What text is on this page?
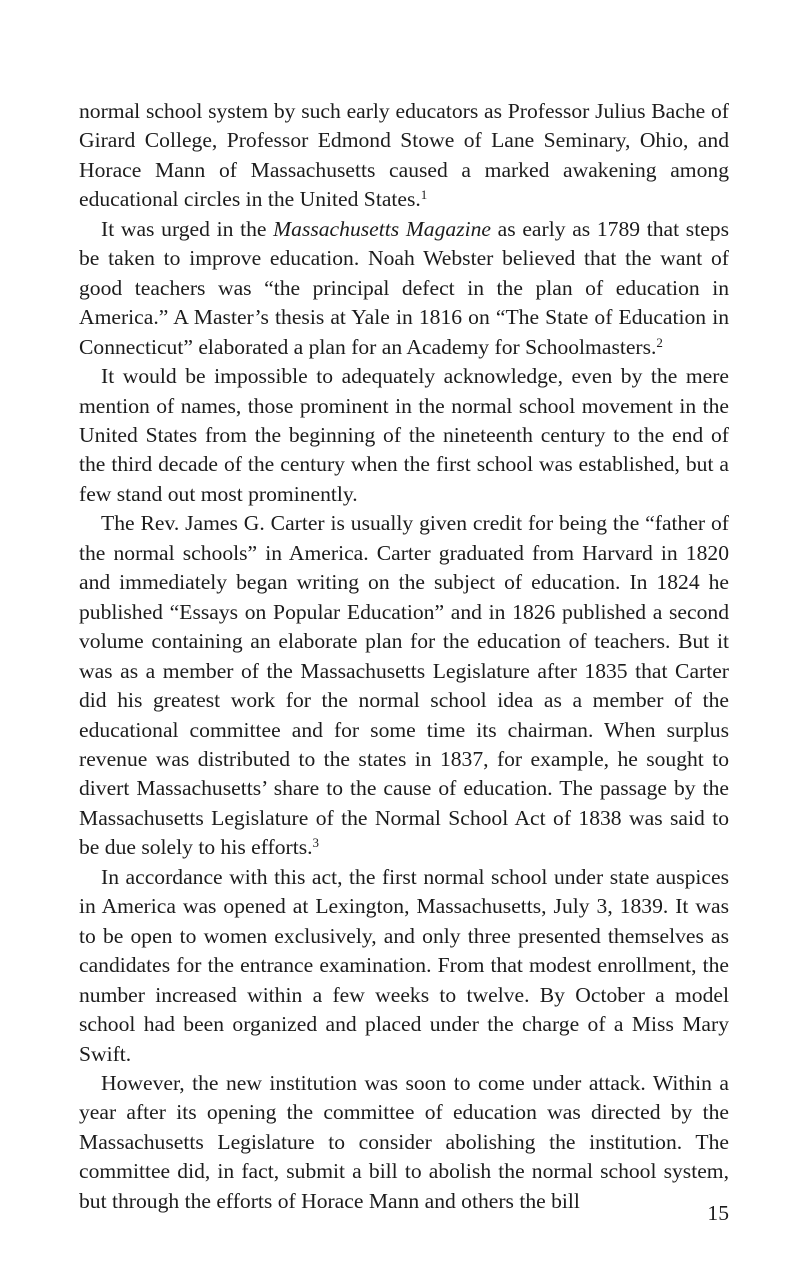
normal school system by such early educators as Professor Julius Bache of Girard College, Professor Edmond Stowe of Lane Seminary, Ohio, and Horace Mann of Massachusetts caused a marked awakening among educational circles in the United States.$^1$

It was urged in the Massachusetts Magazine as early as 1789 that steps be taken to improve education. Noah Webster believed that the want of good teachers was “the principal defect in the plan of education in America.” A Master’s thesis at Yale in 1816 on “The State of Education in Connecticut” elaborated a plan for an Academy for Schoolmasters.$^2$

It would be impossible to adequately acknowledge, even by the mere mention of names, those prominent in the normal school movement in the United States from the beginning of the nineteenth century to the end of the third decade of the century when the first school was established, but a few stand out most prominently.

The Rev. James G. Carter is usually given credit for being the “father of the normal schools” in America. Carter graduated from Harvard in 1820 and immediately began writing on the subject of education. In 1824 he published “Essays on Popular Education” and in 1826 published a second volume containing an elaborate plan for the education of teachers. But it was as a member of the Massachusetts Legislature after 1835 that Carter did his greatest work for the normal school idea as a member of the educational committee and for some time its chairman. When surplus revenue was distributed to the states in 1837, for example, he sought to divert Massachusetts’ share to the cause of education. The passage by the Massachusetts Legislature of the Normal School Act of 1838 was said to be due solely to his efforts.$^3$

In accordance with this act, the first normal school under state auspices in America was opened at Lexington, Massachusetts, July 3, 1839. It was to be open to women exclusively, and only three presented themselves as candidates for the entrance examination. From that modest enrollment, the number increased within a few weeks to twelve. By October a model school had been organized and placed under the charge of a Miss Mary Swift.

However, the new institution was soon to come under attack. Within a year after its opening the committee of education was directed by the Massachusetts Legislature to consider abolishing the institution. The committee did, in fact, submit a bill to abolish the normal school system, but through the efforts of Horace Mann and others the bill

15
